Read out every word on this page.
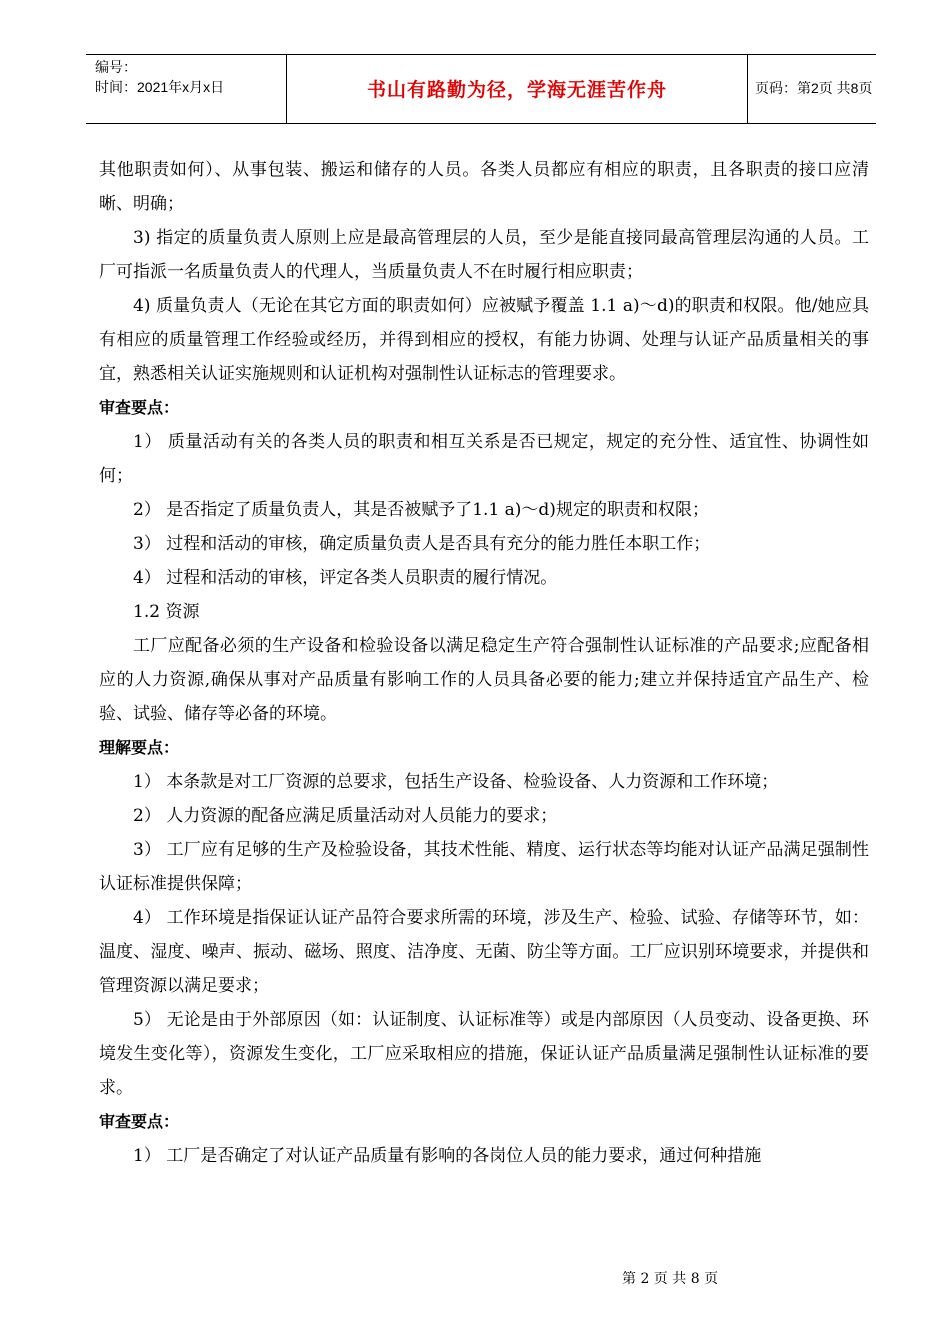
编号：
时间：2021年x月x日	书山有路勤为径，学海无涯苦作舟	页码：第2页 共8页

其他职责如何）、从事包装、搬运和储存的人员。各类人员都应有相应的职责，且各职责的接口应清晰、明确；

3) 指定的质量负责人原则上应是最高管理层的人员，至少是能直接同最高管理层沟通的人员。工厂可指派一名质量负责人的代理人，当质量负责人不在时履行相应职责；

4) 质量负责人（无论在其它方面的职责如何）应被赋予覆盖 1.1 a)～d)的职责和权限。他/她应具有相应的质量管理工作经验或经历，并得到相应的授权，有能力协调、处理与认证产品质量相关的事宜，熟悉相关认证实施规则和认证机构对强制性认证标志的管理要求。

审查要点：

1） 质量活动有关的各类人员的职责和相互关系是否已规定，规定的充分性、适宜性、协调性如何；

2） 是否指定了质量负责人，其是否被赋予了1.1 a)～d)规定的职责和权限；

3） 过程和活动的审核，确定质量负责人是否具有充分的能力胜任本职工作；

4） 过程和活动的审核，评定各类人员职责的履行情况。

1.2 资源

工厂应配备必须的生产设备和检验设备以满足稳定生产符合强制性认证标准的产品要求;应配备相应的人力资源,确保从事对产品质量有影响工作的人员具备必要的能力;建立并保持适宜产品生产、检验、试验、储存等必备的环境。

理解要点：

1） 本条款是对工厂资源的总要求，包括生产设备、检验设备、人力资源和工作环境；

2） 人力资源的配备应满足质量活动对人员能力的要求；

3） 工厂应有足够的生产及检验设备，其技术性能、精度、运行状态等均能对认证产品满足强制性认证标准提供保障；

4） 工作环境是指保证认证产品符合要求所需的环境，涉及生产、检验、试验、存储等环节，如：温度、湿度、噪声、振动、磁场、照度、洁净度、无菌、防尘等方面。工厂应识别环境要求，并提供和管理资源以满足要求；

5） 无论是由于外部原因（如：认证制度、认证标准等）或是内部原因（人员变动、设备更换、环境发生变化等），资源发生变化，工厂应采取相应的措施，保证认证产品质量满足强制性认证标准的要求。

审查要点：

1） 工厂是否确定了对认证产品质量有影响的各岗位人员的能力要求，通过何种措施

第 2 页 共 8 页
